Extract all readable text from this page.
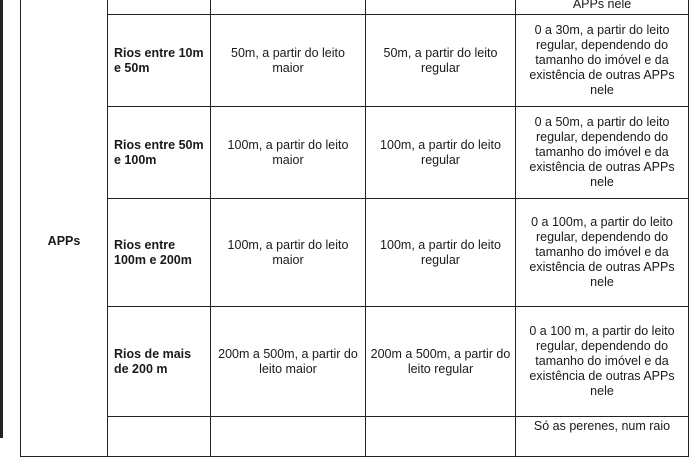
APPs				APPs nele
	Rios entre 10m e 50m	50m, a partir do leito maior	50m, a partir do leito regular	0 a 30m, a partir do leito regular, dependendo do tamanho do imóvel e da existência de outras APPs nele
	Rios entre 50m e 100m	100m, a partir do leito maior	100m, a partir do leito regular	0 a 50m, a partir do leito regular, dependendo do tamanho do imóvel e da existência de outras APPs nele
	Rios entre 100m e 200m	100m, a partir do leito maior	100m, a partir do leito regular	0 a 100m, a partir do leito regular, dependendo do tamanho do imóvel e da existência de outras APPs nele
	Rios de mais de 200 m	200m a 500m, a partir do leito maior	200m a 500m, a partir do leito regular	0 a 100 m, a partir do leito regular, dependendo do tamanho do imóvel e da existência de outras APPs nele
				Só as perenes, num raio
